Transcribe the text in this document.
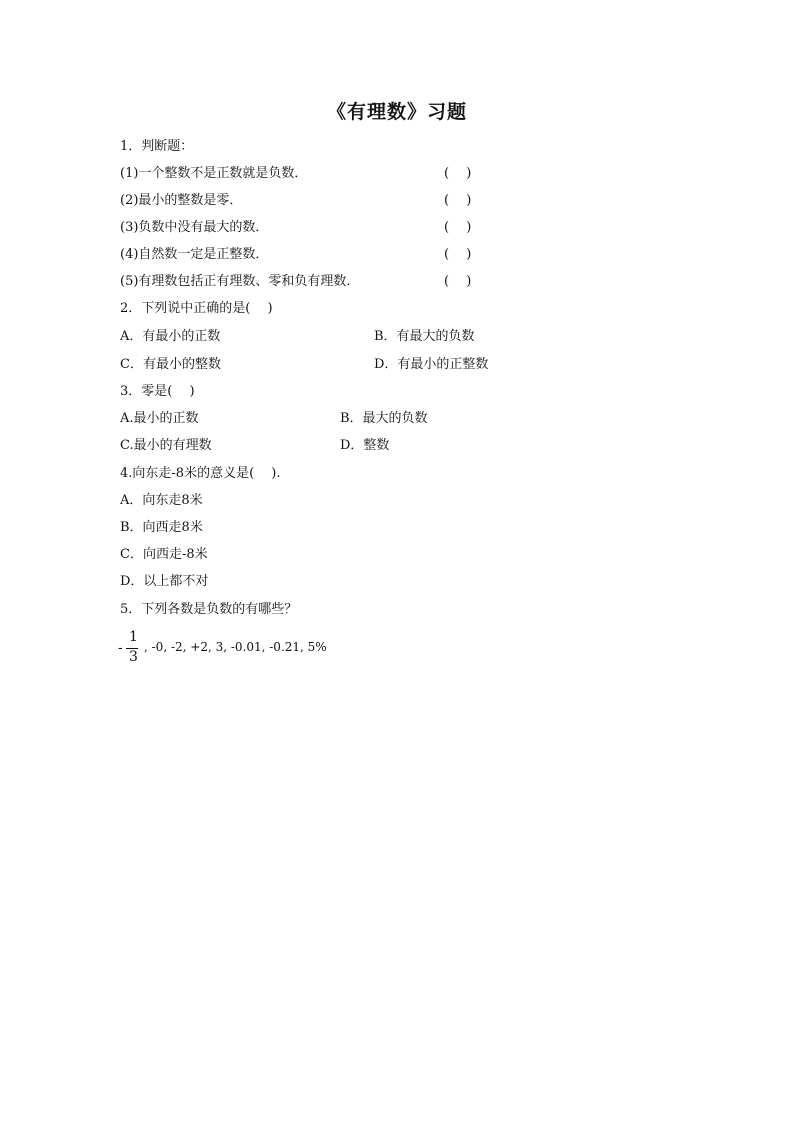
《有理数》习题
1．判断题：
(1)一个整数不是正数就是负数．	(　 )
(2)最小的整数是零．	(　 )
(3)负数中没有最大的数．	(　 )
(4)自然数一定是正整数．	(　 )
(5)有理数包括正有理数、零和负有理数．	(　 )
2．下列说中正确的是(　 )
A．有最小的正数	B．有最大的负数
C．有最小的整数	D．有最小的正整数
3．零是(　 )
A.最小的正数	B．最大的负数
C.最小的有理数	D．整数
4.向东走-8米的意义是(　 ).
A．向东走8米
B．向西走8米
C．向西走-8米
D．以上都不对
5．下列各数是负数的有哪些？
-
1
3
, -0, -2, +2, 3, -0.01, -0.21, 5%
